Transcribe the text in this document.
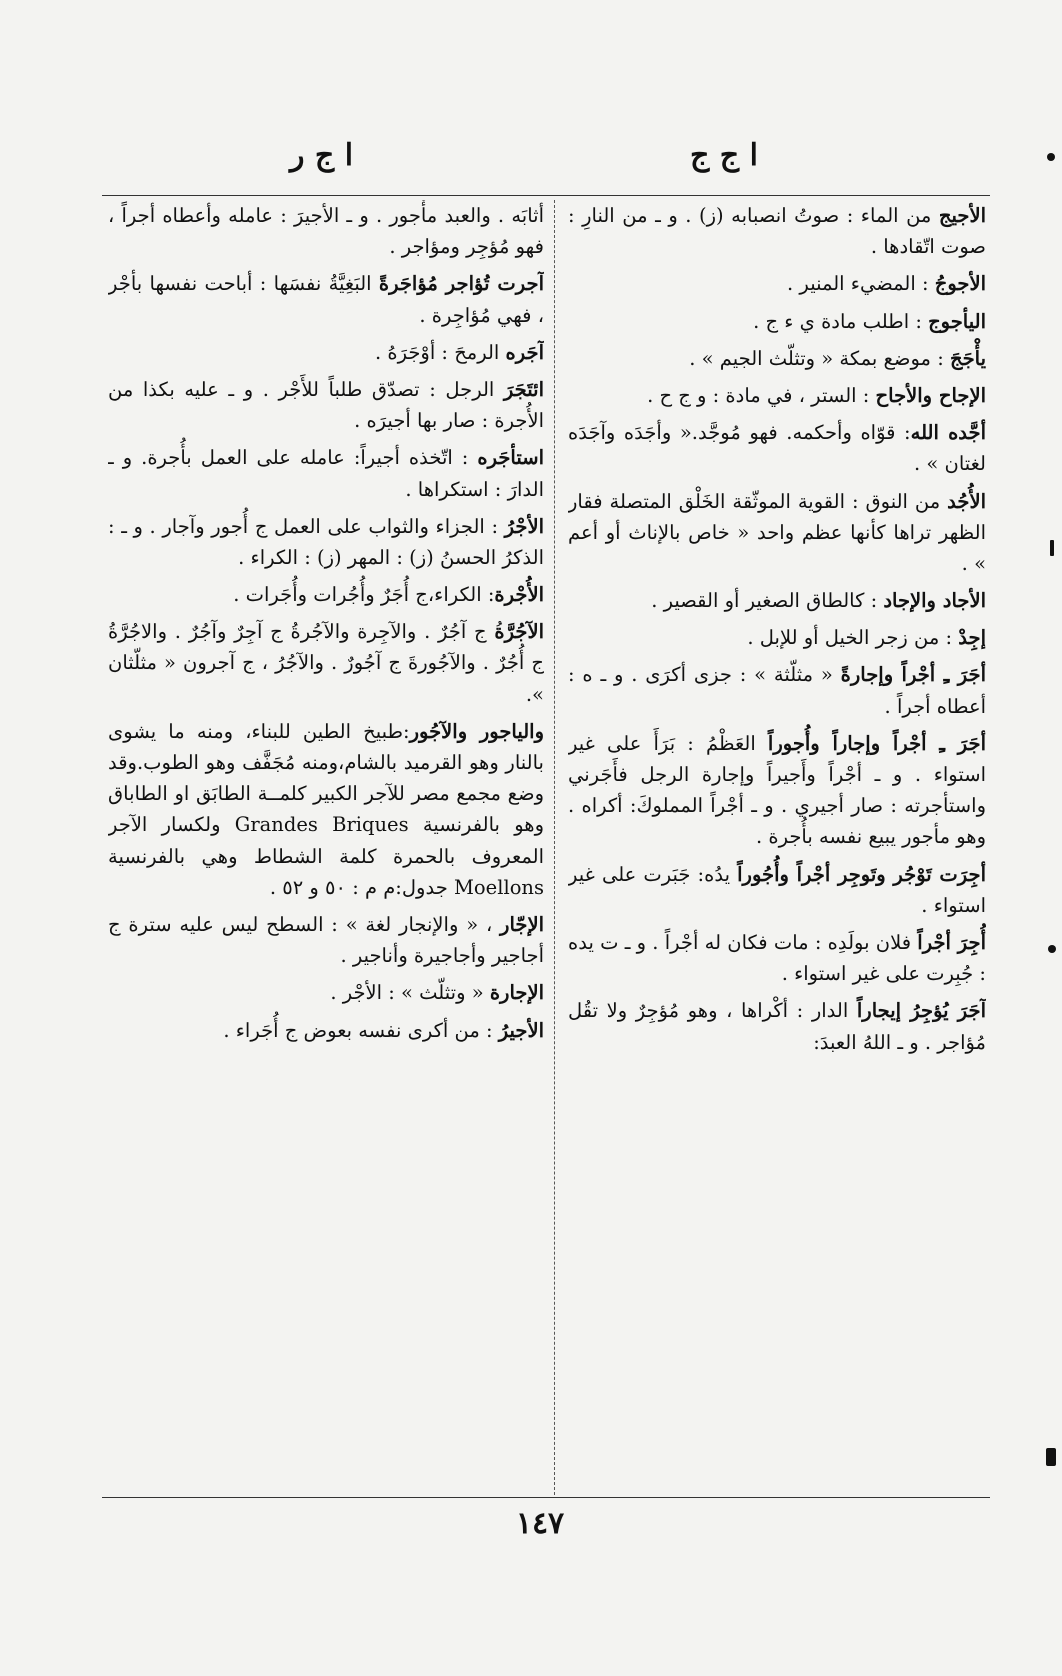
ا ج ج
ا ج ر

الأجيج من الماء : صوتُ انصبابه (ز) . و ـ من النارِ : صوت اتّقادها .

الأجوجُ : المضيء المنير .

اليأجوج : اطلب مادة ي ء ج .

يأْجَجَ : موضع بمكة « وتثلّث الجيم » .

الإجاح والأجاح : الستر ، في مادة : و ج ح .

أجَّده الله: قوّاه وأحكمه. فهو مُوجَّد.« وأجَدَه وآجَدَه لغتان » .

الأُجُد من النوق : القوية الموثّقة الخَلْق المتصلة فقار الظهر تراها كأنها عظم واحد « خاص بالإناث أو أعم » .

الأجاد والإجاد : كالطاق الصغير أو القصير .

إجِدْ : من زجر الخيل أو للإبل .

أجَرَ ـِ أجْراً وإجارةً « مثلّثة » : جزى أكرَى . و ـ ه : أعطاه أجراً .

أجَرَ ـِ أجْراً وإجاراً وأُجوراً العَظْمُ : بَرَأَ على غير استواء . و ـ أجْراً وأَجيراً وإجارة الرجل فأَجَرني واستأجرته : صار أجيري . و ـ أجْراً المملوكَ: أكراه . وهو مأجور يبيع نفسه بأُجرة .

أجِرَت تَوْجُر وتَوجِر أجْراً وأُجُوراً يدُه: جَبَرت على غير استواء .

أُجِرَ أجْراً فلان بولَدِه : مات فكان له أجْراً . و ـ ت يده : جُبِرت على غير استواء .

آجَرَ يُؤجِرُ إيجاراً الدار : أكْراها ، وهو مُؤجِرٌ ولا تقُل مُؤاجر . و ـ اللهُ العبدَ:

أثابَه . والعبد مأْجور . و ـ الأجيرَ : عامله وأعطاه أجراً ، فهو مُؤجِر ومؤاجر .

آجرت تُؤاجر مُؤاجَرةً البَغِيَّةُ نفسَها : أباحت نفسها بأجْر ، فهي مُؤاجِرة .

آجَره الرمحَ : أوْجَرَهُ .

ائتَجَرَ الرجل : تصدّق طلباً للأَجْر . و ـ عليه بكذا من الأُجرة : صار بها أجيرَه .

استأجَره : اتّخذه أجيراً: عامله على العمل بأُجرة. و ـ الدارَ : استكراها .

الأجْرُ : الجزاء والثواب على العمل ج أُجور وآجار . و ـ : الذكرُ الحسنُ (ز) : المهر (ز) : الكراء .

الأُجْرة: الكراء،ج أُجَرٌ وأُجُرات وأُجَرات .

الآجُرَّةُ ج آجُرٌ . والآجِرة والآجُرةُ ج آجِرٌ وآجُرٌ . والاجُرَّةُ ج أُجُرٌ . والآجُورةَ ج آجُورٌ . والآجُرُ ، ج آجرون « مثلّثان ».

والياجور والآجُور:طبيخ الطين للبناء، ومنه ما يشوى بالنار وهو القرميد بالشام،ومنه مُجَفَّف وهو الطوب.وقد وضع مجمع مصر للآجر الكبير كلمــة الطابَق او الطاباق وهو بالفرنسية Grandes Briques ولكسار الآجر المعروف بالحمرة كلمة الشطاط وهي بالفرنسية Moellons جدول:م م : ٥٠ و ٥٢ .

الإجّار ، « والإنجار لغة » : السطح ليس عليه سترة ج أجاجير وأجاجيرة وأناجير .

الإجارة « وتثلّث » : الأجْر .

الأجيرُ : من أكرى نفسه بعوض ج أُجَراء .

١٤٧
